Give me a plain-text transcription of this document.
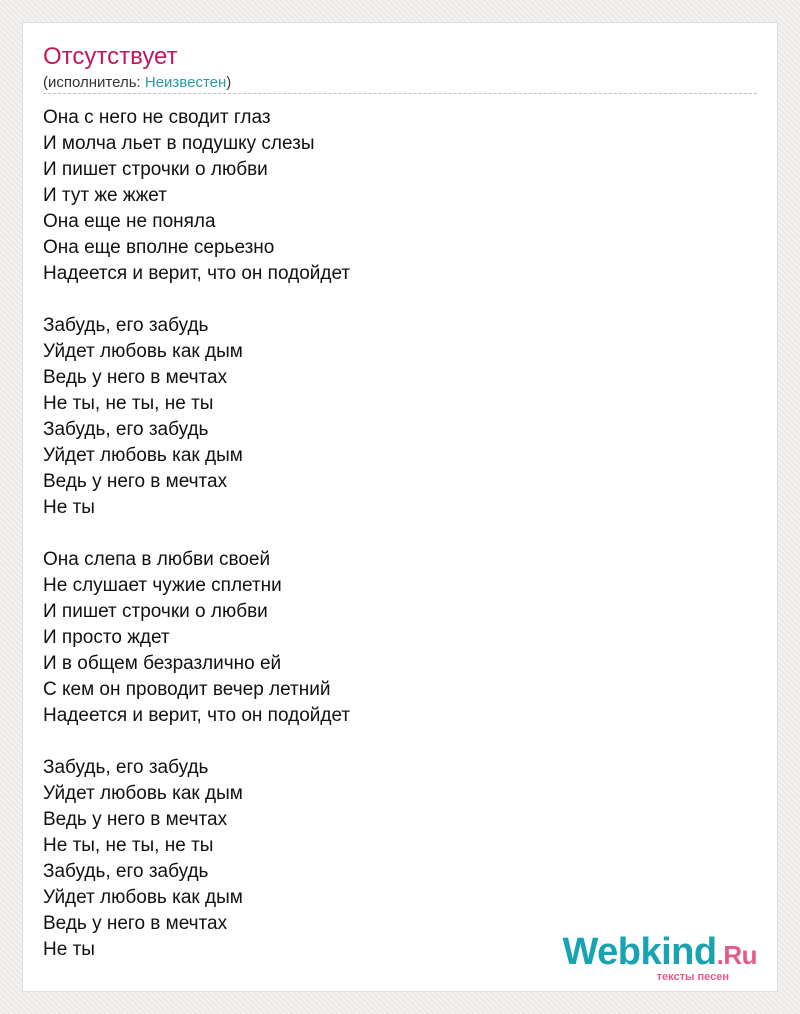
Отсутствует
(исполнитель: Неизвестен)
Она с него не сводит глаз
И молча льет в подушку слезы
И пишет строчки о любви
И тут же жжет
Она еще не поняла
Она еще вполне серьезно
Надеется и верит, что он подойдет
Забудь, его забудь
Уйдет любовь как дым
Ведь у него в мечтах
Не ты, не ты, не ты
Забудь, его забудь
Уйдет любовь как дым
Ведь у него в мечтах
Не ты
Она слепа в любви своей
Не слушает чужие сплетни
И пишет строчки о любви
И просто ждет
И в общем безразлично ей
С кем он проводит вечер летний
Надеется и верит, что он подойдет
Забудь, его забудь
Уйдет любовь как дым
Ведь у него в мечтах
Не ты, не ты, не ты
Забудь, его забудь
Уйдет любовь как дым
Ведь у него в мечтах
Не ты	Webkind.Ru
тексты песен
